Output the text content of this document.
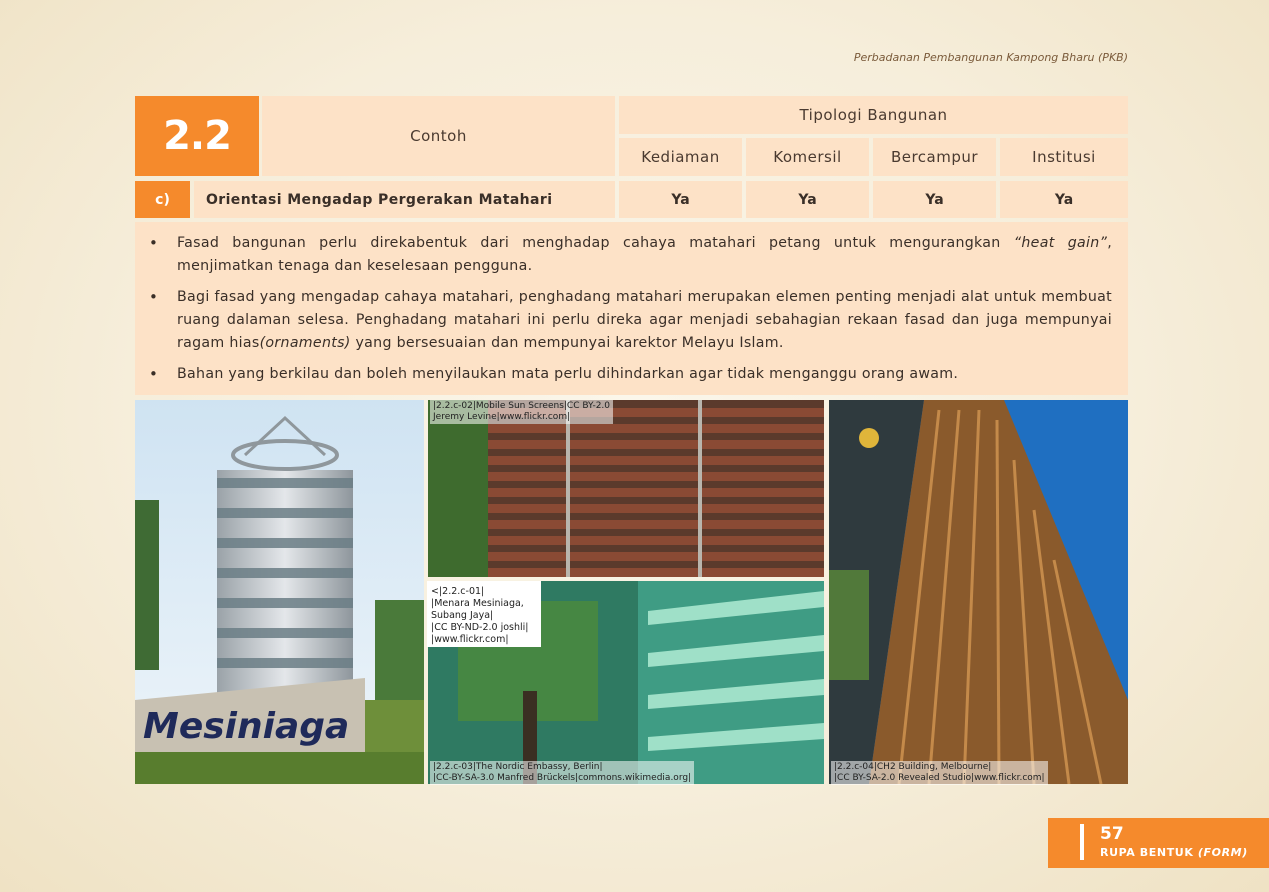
Perbadanan Pembangunan Kampong Bharu (PKB)
2.2	Contoh
Tipologi Bangunan
Kediaman	Komersil	Bercampur	Institusi
c)	Orientasi Mengadap Pergerakan Matahari	Ya	Ya	Ya	Ya
• Fasad bangunan perlu direkabentuk dari menghadap cahaya matahari petang untuk mengurangkan “heat gain”, menjimatkan tenaga dan keselesaan pengguna.
• Bagi fasad yang mengadap cahaya matahari, penghadang matahari merupakan elemen penting menjadi alat untuk membuat ruang dalaman selesa. Penghadang matahari ini perlu direka agar menjadi sebahagian rekaan fasad dan juga mempunyai ragam hias(ornaments) yang bersesuaian dan mempunyai karektor Melayu Islam.
• Bahan yang berkilau dan boleh menyilaukan mata perlu dihindarkan agar tidak menganggu orang awam.
Mesiniaga
|2.2.c-02|Mobile Sun Screens|CC BY-2.0
Jeremy Levine|www.flickr.com|
<|2.2.c-01|
|Menara Mesiniaga,
Subang Jaya|
|CC BY-ND-2.0 joshli|
|www.flickr.com|
|2.2.c-03|The Nordic Embassy, Berlin|
|CC-BY-SA-3.0 Manfred Brückels|commons.wikimedia.org|
|2.2.c-04|CH2 Building, Melbourne|
|CC BY-SA-2.0 Revealed Studio|www.flickr.com|
57
RUPA BENTUK (FORM)
